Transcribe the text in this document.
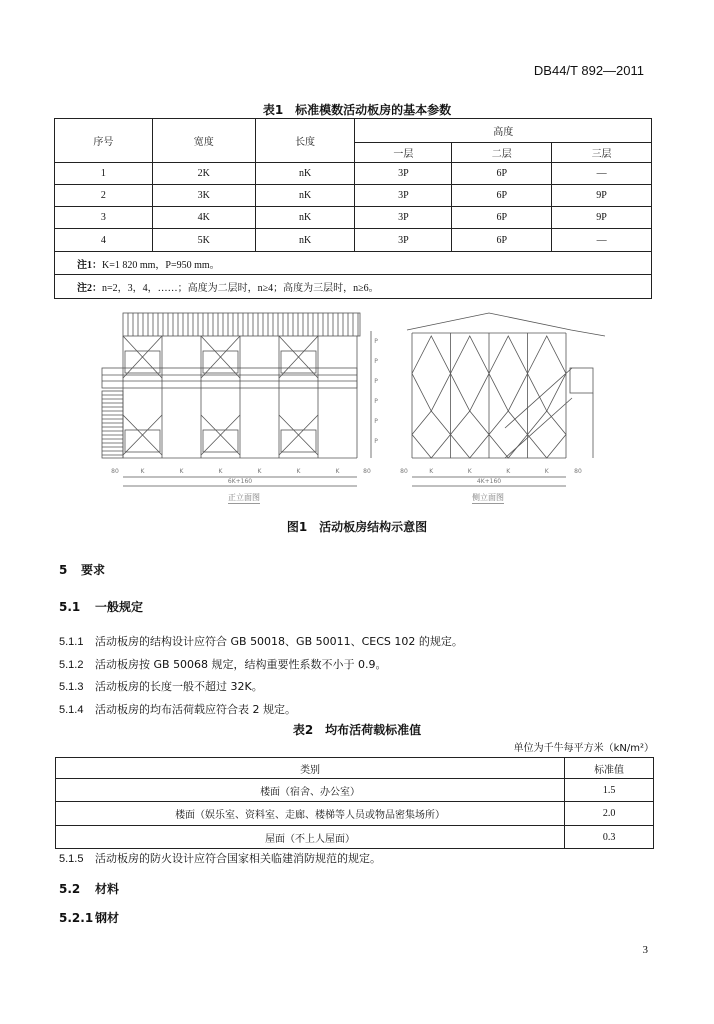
DB44/T 892—2011
表1　标准模数活动板房的基本参数
序号	宽度	长度	高度		
			一层	二层	三层
1	2K	nK	3P	6P	—
2	3K	nK	3P	6P	9P
3	4K	nK	3P	6P	9P
4	5K	nK	3P	6P	—
注1：K=1 820 mm，P=950 mm。					
注2：n=2，3，4，……；高度为二层时，n≥4；高度为三层时，n≥6。					
K	K	K	K	K	K
80	80
6K+160
P
P
P
P
P
P
K	K	K	K
80	80
4K+160
正立面图	侧立面图
图1　活动板房结构示意图
5 要求
5.1 一般规定
5.1.1 活动板房的结构设计应符合 GB 50018、GB 50011、CECS 102 的规定。
5.1.2 活动板房按 GB 50068 规定，结构重要性系数不小于 0.9。
5.1.3 活动板房的长度一般不超过 32K。
5.1.4 活动板房的均布活荷载应符合表 2 规定。
表2　均布活荷载标准值
单位为千牛每平方米（kN/m²）
类别	标准值
楼面（宿舍、办公室）	1.5
楼面（娱乐室、资料室、走廊、楼梯等人员或物品密集场所）	2.0
屋面（不上人屋面）	0.3
5.1.5 活动板房的防火设计应符合国家相关临建消防规范的规定。
5.2 材料
5.2.1 钢材
3
